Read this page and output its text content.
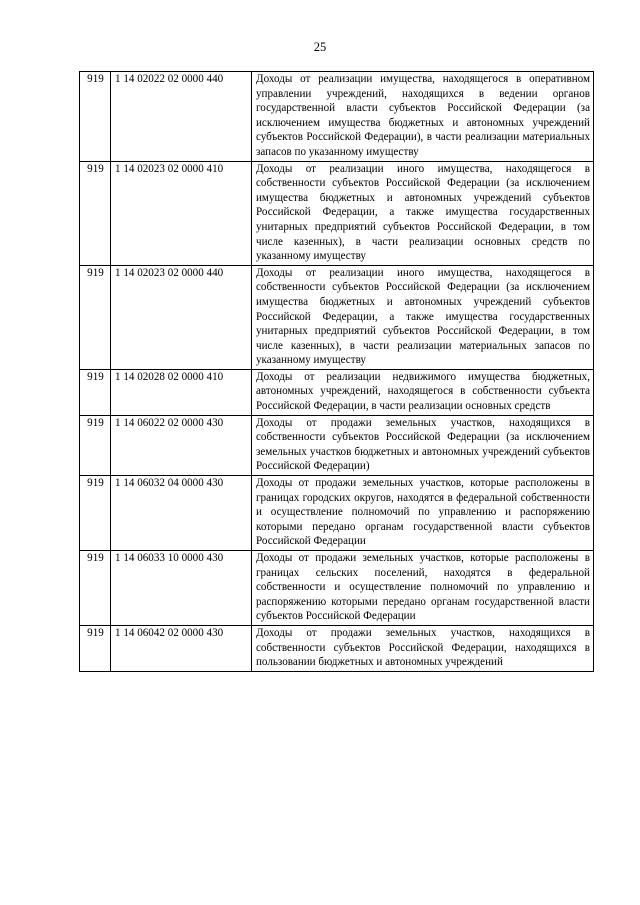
25
919	1 14 02022 02 0000 440	Доходы от реализации имущества, находящегося в оперативном управлении учреждений, находящихся в ведении органов государственной власти субъектов Российской Федерации (за исключением имущества бюджетных и автономных учреждений субъектов Российской Федерации), в части реализации материальных запасов по указанному имуществу
919	1 14 02023 02 0000 410	Доходы от реализации иного имущества, находящегося в собственности субъектов Российской Федерации (за исключением имущества бюджетных и автономных учреждений субъектов Российской Федерации, а также имущества государственных унитарных предприятий субъектов Российской Федерации, в том числе казенных), в части реализации основных средств по указанному имуществу
919	1 14 02023 02 0000 440	Доходы от реализации иного имущества, находящегося в собственности субъектов Российской Федерации (за исключением имущества бюджетных и автономных учреждений субъектов Российской Федерации, а также имущества государственных унитарных предприятий субъектов Российской Федерации, в том числе казенных), в части реализации материальных запасов по указанному имуществу
919	1 14 02028 02 0000 410	Доходы от реализации недвижимого имущества бюджетных, автономных учреждений, находящегося в собственности субъекта Российской Федерации, в части реализации основных средств
919	1 14 06022 02 0000 430	Доходы от продажи земельных участков, находящихся в собственности субъектов Российской Федерации (за исключением земельных участков бюджетных и автономных учреждений субъектов Российской Федерации)
919	1 14 06032 04 0000 430	Доходы от продажи земельных участков, которые расположены в границах городских округов, находятся в федеральной собственности и осуществление полномочий по управлению и распоряжению которыми передано органам государственной власти субъектов Российской Федерации
919	1 14 06033 10 0000 430	Доходы от продажи земельных участков, которые расположены в границах сельских поселений, находятся в федеральной собственности и осуществление полномочий по управлению и распоряжению которыми передано органам государственной власти субъектов Российской Федерации
919	1 14 06042 02 0000 430	Доходы от продажи земельных участков, находящихся в собственности субъектов Российской Федерации, находящихся в пользовании бюджетных и автономных учреждений
